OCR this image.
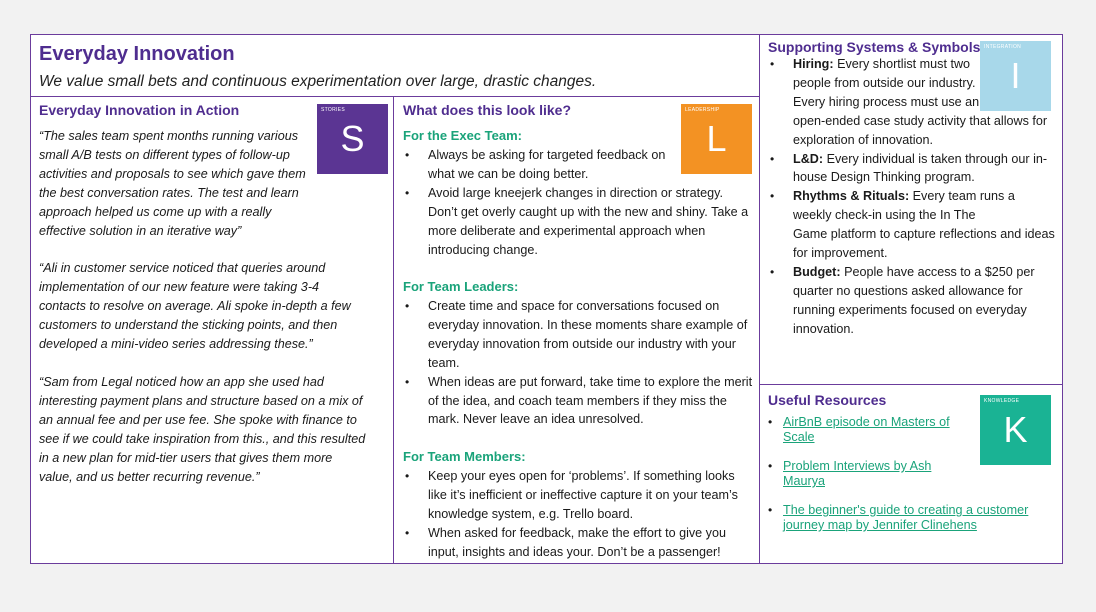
Everyday Innovation
We value small bets and continuous experimentation over large, drastic changes.
Everyday Innovation in Action	STORIES
S
“The sales team spent months running various small A/B tests on different types of follow-up activities and proposals to see which gave them the best conversation rates. The test and learn approach helped us come up with a really effective solution in an iterative way”
“Ali in customer service noticed that queries around implementation of our new feature were taking 3-4 contacts to resolve on average. Ali spoke in-depth a few customers to understand the sticking points, and then developed a mini-video series addressing these.”
“Sam from Legal noticed how an app she used had interesting payment plans and structure based on a mix of an annual fee and per use fee. She spoke with finance to see if we could take inspiration from this., and this resulted in a new plan for mid-tier users that gives them more value, and us better recurring revenue.”
What does this look like?	LEADERSHIP
L
For the Exec Team:
• Always be asking for targeted feedback on what we can be doing better.
• Avoid large kneejerk changes in direction or strategy. Don’t get overly caught up with the new and shiny. Take a more deliberate and experimental approach when introducing change.
For Team Leaders:
• Create time and space for conversations focused on everyday innovation. In these moments share example of everyday innovation from outside our industry with your team.
• When ideas are put forward, take time to explore the merit of the idea, and coach team members if they miss the mark. Never leave an idea unresolved.
For Team Members:
• Keep your eyes open for ‘problems’. If something looks like it’s inefficient or ineffective capture it on your team’s knowledge system, e.g. Trello board.
• When asked for feedback, make the effort to give you input, insights and ideas your. Don’t be a passenger!
Supporting Systems & Symbols INTEGRATION
I
• Hiring: Every shortlist must two
people from outside our industry.
Every hiring process must use an
open-ended case study activity that allows for exploration of innovation.
• L&D: Every individual is taken through our in-house Design Thinking program.
• Rhythms & Rituals: Every team runs a
weekly check-in using the In The
Game platform to capture reflections and ideas for improvement.
• Budget: People have access to a $250 per quarter no questions asked allowance for running experiments focused on everyday innovation.
Useful Resources	KNOWLEDGE
K
• AirBnB episode on Masters of
Scale
• Problem Interviews by Ash
Maurya
• The beginner's guide to creating a customer
journey map by Jennifer Clinehens
